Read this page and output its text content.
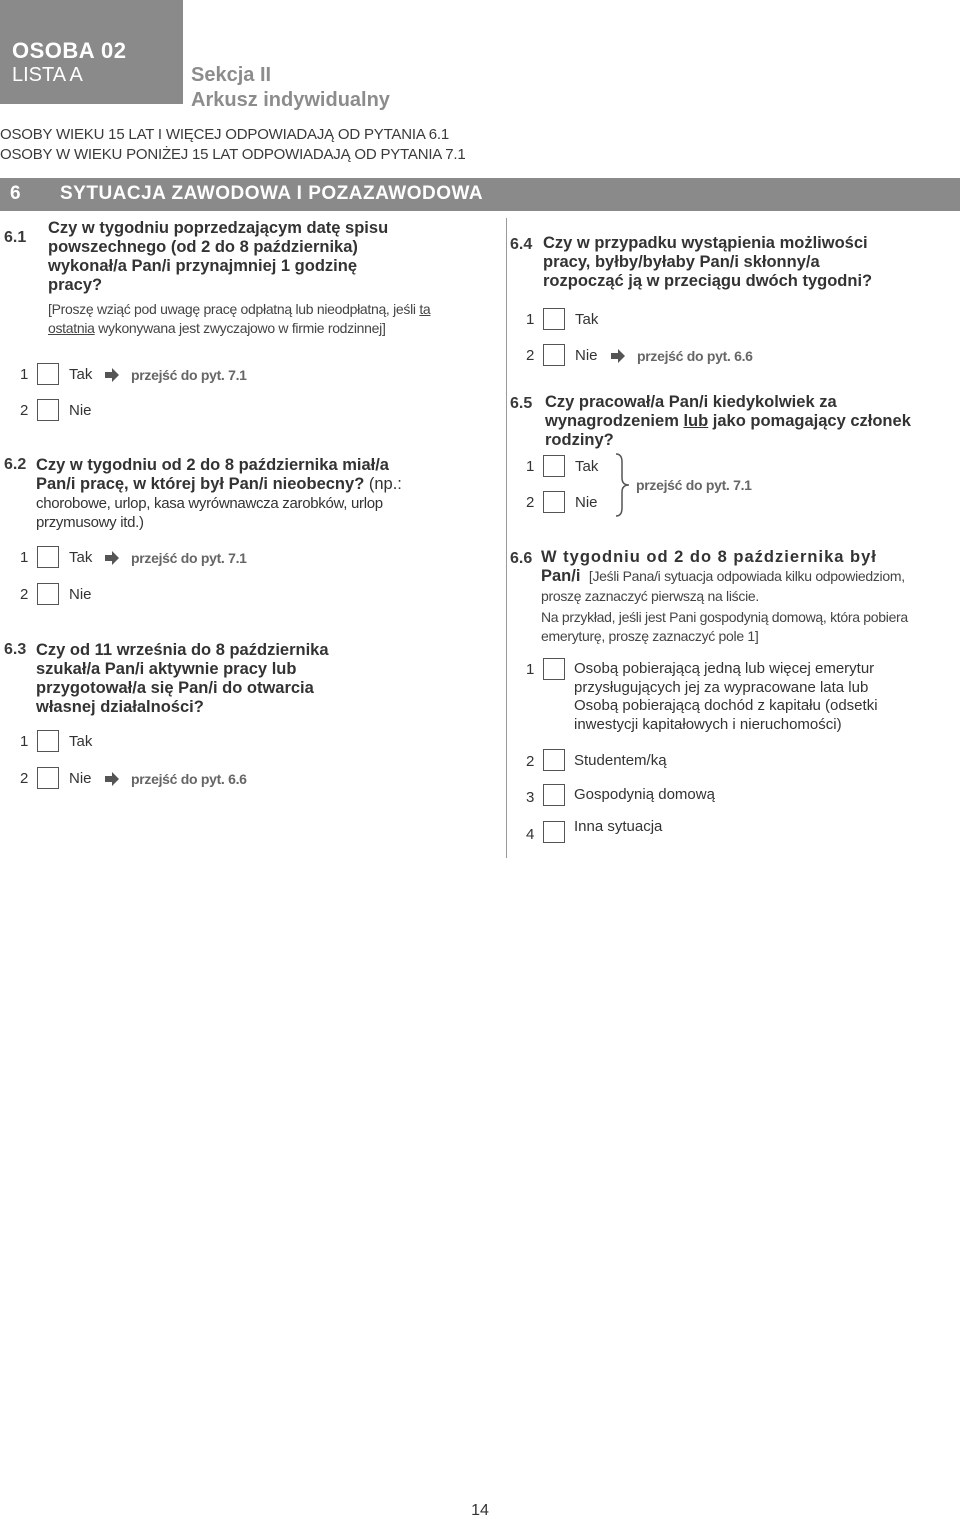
OSOBA 02
LISTA A	Sekcja II
Arkusz indywidualny
OSOBY WIEKU 15 LAT I WIĘCEJ ODPOWIADAJĄ OD PYTANIA 6.1
OSOBY W WIEKU PONIŻEJ 15 LAT ODPOWIADAJĄ OD PYTANIA 7.1
6 SYTUACJA ZAWODOWA I POZAZAWODOWA
6.1
Czy w tygodniu poprzedzającym datę spisu
powszechnego (od 2 do 8 października)
wykonał/a Pan/i przynajmniej 1 godzinę
pracy?
[Proszę wziąć pod uwagę pracę odpłatną lub nieodpłatną, jeśli ta
ostatnia wykonywana jest zwyczajowo w firmie rodzinnej]
1	Tak	przejść do pyt. 7.1
2	Nie
6.2 Czy w tygodniu od 2 do 8 października miał/a
Pan/i pracę, w której był Pan/i nieobecny? (np.:
chorobowe, urlop, kasa wyrównawcza zarobków, urlop
przymusowy itd.)
1	Tak	przejść do pyt. 7.1
2	Nie
6.3 Czy od 11 września do 8 października
szukał/a Pan/i aktywnie pracy lub
przygotował/a się Pan/i do otwarcia
własnej działalności?
1	Tak
2	Nie	przejść do pyt. 6.6
6.4 Czy w przypadku wystąpienia możliwości
pracy, byłby/byłaby Pan/i skłonny/a
rozpocząć ją w przeciągu dwóch tygodni?
1	Tak
2	Nie	przejść do pyt. 6.6
6.5 Czy pracował/a Pan/i kiedykolwiek za
wynagrodzeniem lub jako pomagający członek
rodziny?
1	Tak
2	Nie
przejść do pyt. 7.1
6.6 W tygodniu od 2 do 8 października był
Pan/i [Jeśli Pana/i sytuacja odpowiada kilku odpowiedziom,
proszę zaznaczyć pierwszą na liście.
Na przykład, jeśli jest Pani gospodynią domową, która pobiera
emeryturę, proszę zaznaczyć pole 1]
1	Osobą pobierającą jedną lub więcej emerytur
przysługujących jej za wypracowane lata lub
Osobą pobierającą dochód z kapitału (odsetki
inwestycji kapitałowych i nieruchomości)
2	Studentem/ką
3	Gospodynią domową
4	Inna sytuacja
14
